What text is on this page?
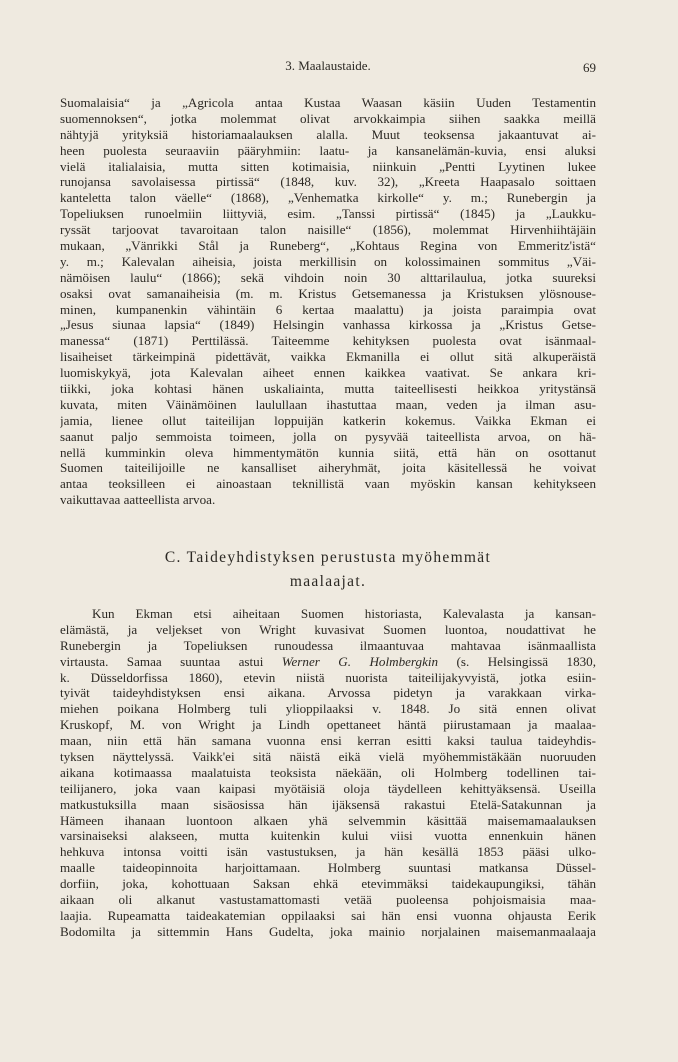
3. Maalaustaide.	69
Suomalaisia“ ja „Agricola antaa Kustaa Waasan käsiin Uuden Testamentin
suomennoksen“, jotka molemmat olivat arvokkaimpia siihen saakka meillä
nähtyjä yrityksiä historiamaalauksen alalla. Muut teoksensa jakaantuvat ai-
heen puolesta seuraaviin pääryhmiin: laatu- ja kansanelämän-kuvia, ensi aluksi
vielä italialaisia, mutta sitten kotimaisia, niinkuin „Pentti Lyytinen lukee
runojansa savolaisessa pirtissä“ (1848, kuv. 32), „Kreeta Haapasalo soittaen
kanteletta talon väelle“ (1868), „Venhematka kirkolle“ y. m.; Runebergin ja
Topeliuksen runoelmiin liittyviä, esim. „Tanssi pirtissä“ (1845) ja „Laukku-
ryssät tarjoovat tavaroitaan talon naisille“ (1856), molemmat Hirvenhiihtäjäin
mukaan, „Vänrikki Stål ja Runeberg“, „Kohtaus Regina von Emmeritz'istä“
y. m.; Kalevalan aiheisia, joista merkillisin on kolossimainen sommitus „Väi-
nämöisen laulu“ (1866); sekä vihdoin noin 30 alttarilaulua, jotka suureksi
osaksi ovat samanaiheisia (m. m. Kristus Getsemanessa ja Kristuksen ylösnouse-
minen, kumpanenkin vähintäin 6 kertaa maalattu) ja joista paraimpia ovat
„Jesus siunaa lapsia“ (1849) Helsingin vanhassa kirkossa ja „Kristus Getse-
manessa“ (1871) Perttilässä. Taiteemme kehityksen puolesta ovat isänmaal-
lisaiheiset tärkeimpinä pidettävät, vaikka Ekmanilla ei ollut sitä alkuperäistä
luomiskykyä, jota Kalevalan aiheet ennen kaikkea vaativat. Se ankara kri-
tiikki, joka kohtasi hänen uskaliainta, mutta taiteellisesti heikkoa yritystänsä
kuvata, miten Väinämöinen laulullaan ihastuttaa maan, veden ja ilman asu-
jamia, lienee ollut taiteilijan loppuijän katkerin kokemus. Vaikka Ekman ei
saanut paljo semmoista toimeen, jolla on pysyvää taiteellista arvoa, on hä-
nellä kumminkin oleva himmentymätön kunnia siitä, että hän on osottanut
Suomen taiteilijoille ne kansalliset aiheryhmät, joita käsitellessä he voivat
antaa teoksilleen ei ainoastaan teknillistä vaan myöskin kansan kehitykseen
vaikuttavaa aatteellista arvoa.
C. Taideyhdistyksen perustusta myöhemmät
maalaajat.
Kun Ekman etsi aiheitaan Suomen historiasta, Kalevalasta ja kansan-
elämästä, ja veljekset von Wright kuvasivat Suomen luontoa, noudattivat he
Runebergin ja Topeliuksen runoudessa ilmaantuvaa mahtavaa isänmaallista
virtausta. Samaa suuntaa astui Werner G. Holmbergkin (s. Helsingissä 1830,
k. Düsseldorfissa 1860), etevin niistä nuorista taiteilijakyvyistä, jotka esiin-
tyivät taideyhdistyksen ensi aikana. Arvossa pidetyn ja varakkaan virka-
miehen poikana Holmberg tuli ylioppilaaksi v. 1848. Jo sitä ennen olivat
Kruskopf, M. von Wright ja Lindh opettaneet häntä piirustamaan ja maalaa-
maan, niin että hän samana vuonna ensi kerran esitti kaksi taulua taideyhdis-
tyksen näyttelyssä. Vaikk'ei sitä näistä eikä vielä myöhemmistäkään nuoruuden
aikana kotimaassa maalatuista teoksista näekään, oli Holmberg todellinen tai-
teilijanero, joka vaan kaipasi myötäisiä oloja täydelleen kehittyäksensä. Useilla
matkustuksilla maan sisäosissa hän ijäksensä rakastui Etelä-Satakunnan ja
Hämeen ihanaan luontoon alkaen yhä selvemmin käsittää maisemamaalauksen
varsinaiseksi alakseen, mutta kuitenkin kului viisi vuotta ennenkuin hänen
hehkuva intonsa voitti isän vastustuksen, ja hän kesällä 1853 pääsi ulko-
maalle taideopinnoita harjoittamaan. Holmberg suuntasi matkansa Düssel-
dorfiin, joka, kohottuaan Saksan ehkä etevimmäksi taidekaupungiksi, tähän
aikaan oli alkanut vastustamattomasti vetää puoleensa pohjoismaisia maa-
laajia. Rupeamatta taideakatemian oppilaaksi sai hän ensi vuonna ohjausta Eerik
Bodomilta ja sittemmin Hans Gudelta, joka mainio norjalainen maisemanmaalaaja
